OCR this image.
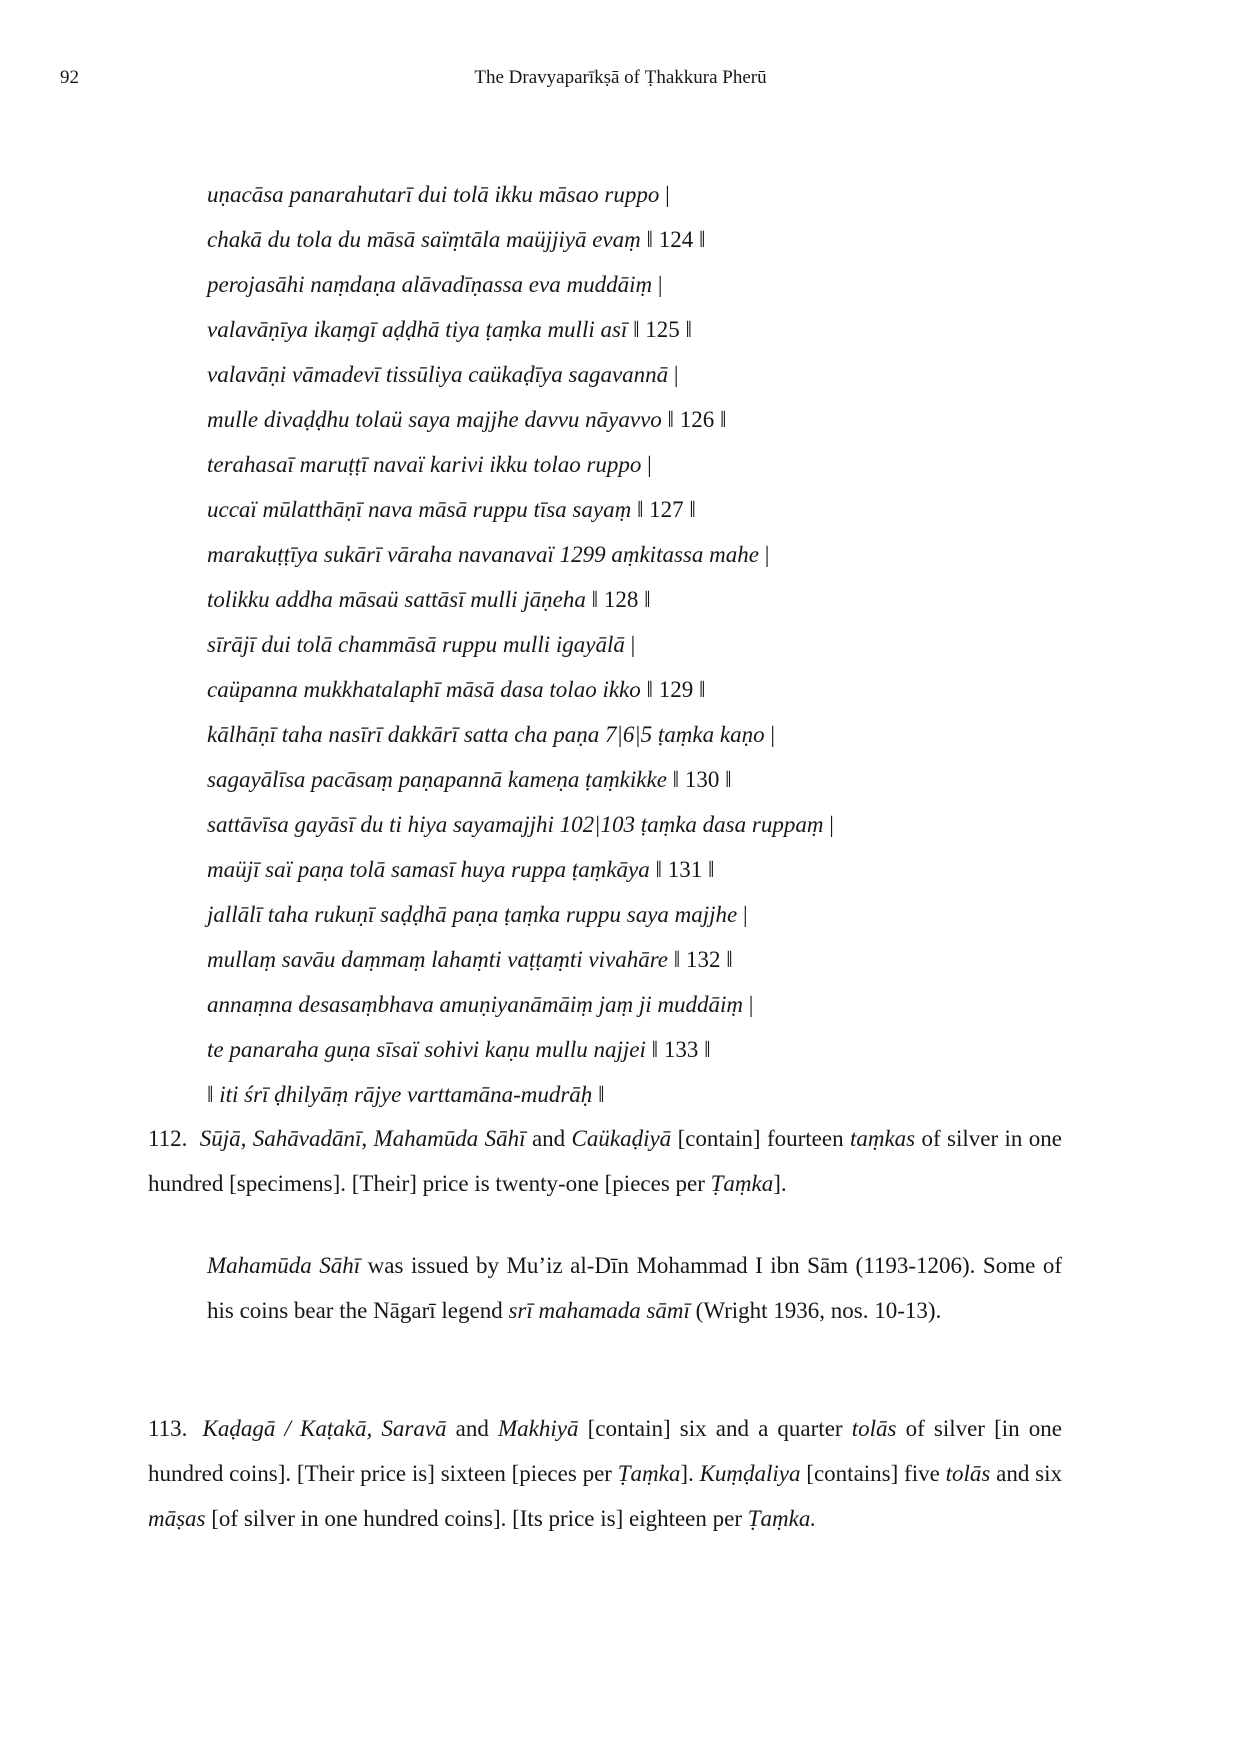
92	The Dravyaparīkṣā of Ṭhakkura Pherū
uṇacāsa panarahutarī dui tolā ikku māsao ruppo |
chakā du tola du māsā saïṃtāla maüjjiyā evaṃ ‖ 124 ‖
perojasāhi naṃdaṇa alāvadīṇassa eva muddāiṃ |
valavāṇīya ikaṃgī aḍḍhā tiya ṭaṃka mulli asī ‖ 125 ‖
valavāṇi vāmadevī tissūliya caükaḍīya sagavannā |
mulle divaḍḍhu tolaü saya majjhe davvu nāyavvo ‖ 126 ‖
terahasaī maruṭṭī navaï karivi ikku tolao ruppo |
uccaï mūlatthāṇī nava māsā ruppu tīsa sayaṃ ‖ 127 ‖
marakuṭṭīya sukārī vāraha navanavaï 1299 aṃkitassa mahe |
tolikku addha māsaü sattāsī mulli jāṇeha ‖ 128 ‖
sīrājī dui tolā chammāsā ruppu mulli igayālā |
caüpanna mukkhatalaphī māsā dasa tolao ikko ‖ 129 ‖
kālhāṇī taha nasīrī dakkārī satta cha paṇa 7|6|5 ṭaṃka kaṇo |
sagayālīsa pacāsaṃ paṇapannā kameṇa ṭaṃkikke ‖ 130 ‖
sattāvīsa gayāsī du ti hiya sayamajjhi 102|103 ṭaṃka dasa ruppaṃ |
maüjī saï paṇa tolā samasī huya ruppa ṭaṃkāya ‖ 131 ‖
jallālī taha rukuṇī saḍḍhā paṇa ṭaṃka ruppu saya majjhe |
mullaṃ savāu daṃmaṃ lahaṃti vaṭṭaṃti vivahāre ‖ 132 ‖
annaṃna desasaṃbhava amuṇiyanāmāiṃ jaṃ ji muddāiṃ |
te panaraha guṇa sīsaï sohivi kaṇu mullu najjei ‖ 133 ‖
‖ iti śrī ḍhilyāṃ rājye varttamāna-mudrāḥ ‖
112. Sūjā, Sahāvadānī, Mahamūda Sāhī and Caükaḍiyā [contain] fourteen taṃkas of silver in one hundred [specimens]. [Their] price is twenty-one [pieces per Ṭaṃka].
Mahamūda Sāhī was issued by Mu’iz al-Dīn Mohammad I ibn Sām (1193-1206). Some of his coins bear the Nāgarī legend srī mahamada sāmī (Wright 1936, nos. 10-13).
113. Kaḍagā / Kaṭakā, Saravā and Makhiyā [contain] six and a quarter tolās of silver [in one hundred coins]. [Their price is] sixteen [pieces per Ṭaṃka]. Kuṃḍaliya [contains] five tolās and six māṣas [of silver in one hundred coins]. [Its price is] eighteen per Ṭaṃka.
